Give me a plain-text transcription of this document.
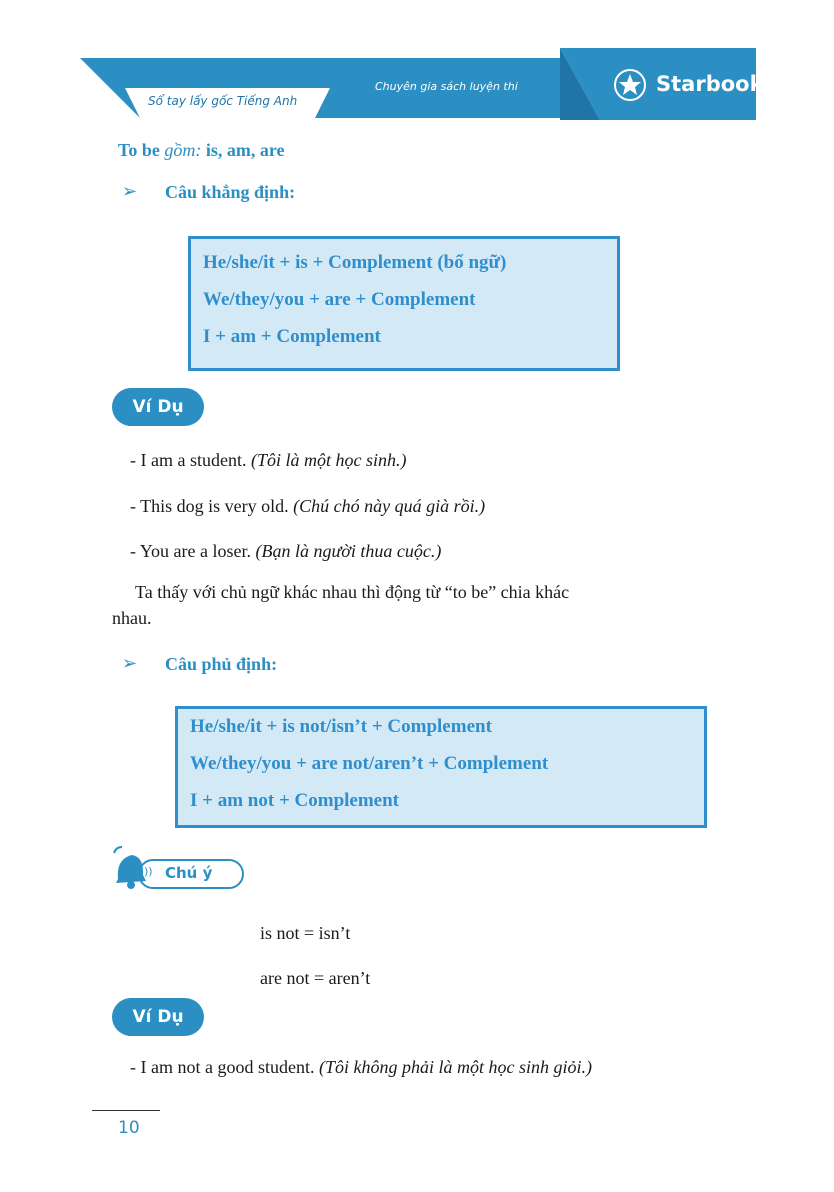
Sổ tay lấy gốc Tiếng Anh
Chuyên gia sách luyện thi	Starbook
To be gồm: is, am, are
➢ Câu khẳng định:
He/she/it + is + Complement (bổ ngữ)
We/they/you + are + Complement
I + am + Complement
Ví Dụ
- I am a student. (Tôi là một học sinh.)
- This dog is very old. (Chú chó này quá già rồi.)
- You are a loser. (Bạn là người thua cuộc.)
Ta thấy với chủ ngữ khác nhau thì động từ “to be” chia khác
nhau.
➢ Câu phủ định:
He/she/it + is not/isn’t + Complement
We/they/you + are not/aren’t + Complement
I + am not + Complement
)) Chú ý
is not = isn’t
are not = aren’t
Ví Dụ
- I am not a good student. (Tôi không phải là một học sinh giỏi.)
10
